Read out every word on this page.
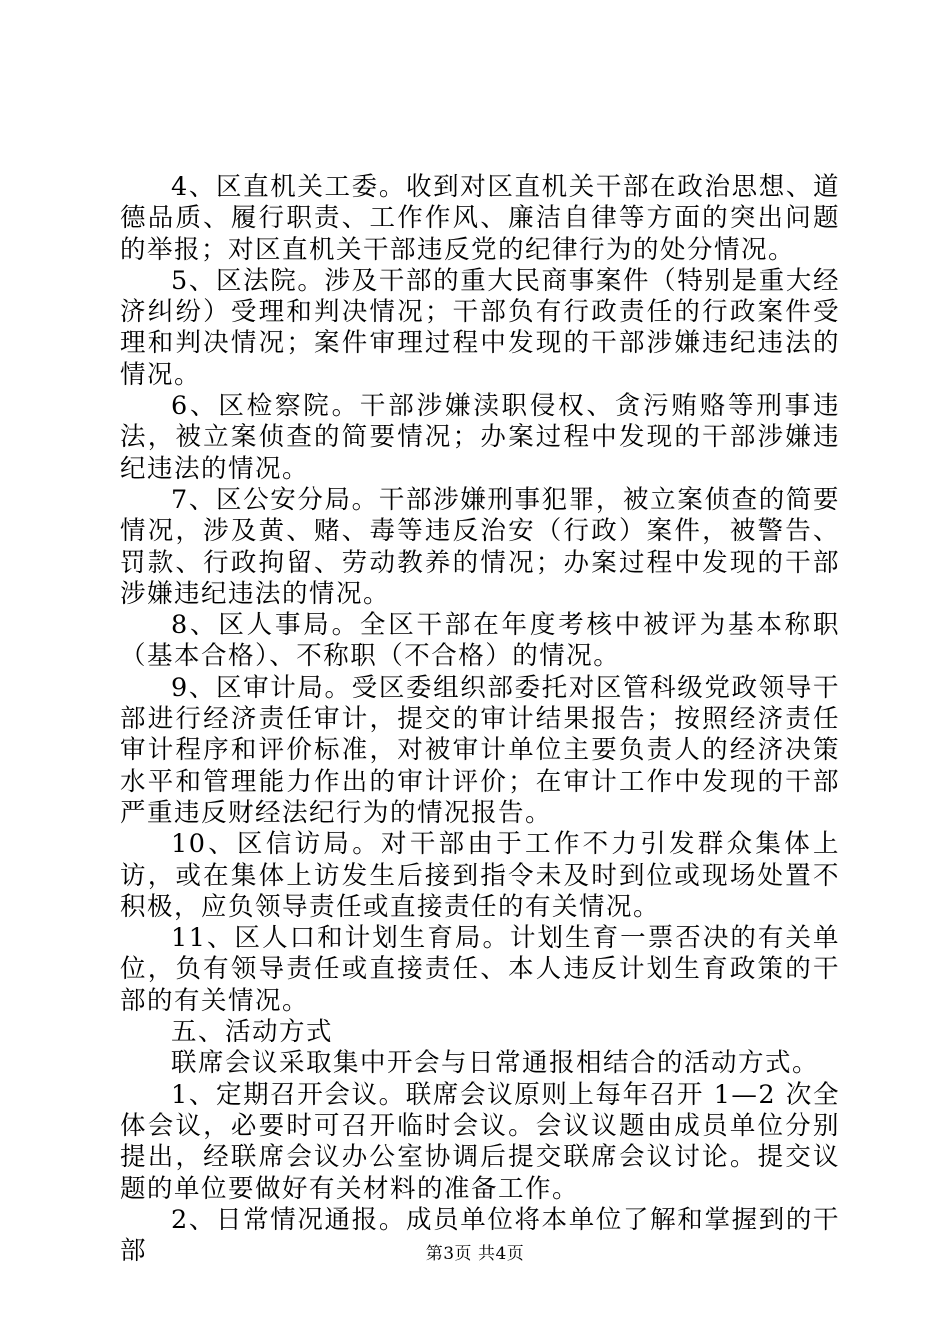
4、区直机关工委。收到对区直机关干部在政治思想、道德品质、履行职责、工作作风、廉洁自律等方面的突出问题的举报；对区直机关干部违反党的纪律行为的处分情况。

5、区法院。涉及干部的重大民商事案件（特别是重大经济纠纷）受理和判决情况；干部负有行政责任的行政案件受理和判决情况；案件审理过程中发现的干部涉嫌违纪违法的情况。

6、区检察院。干部涉嫌渎职侵权、贪污贿赂等刑事违法，被立案侦查的简要情况；办案过程中发现的干部涉嫌违纪违法的情况。

7、区公安分局。干部涉嫌刑事犯罪，被立案侦查的简要情况，涉及黄、赌、毒等违反治安（行政）案件，被警告、罚款、行政拘留、劳动教养的情况；办案过程中发现的干部涉嫌违纪违法的情况。

8、区人事局。全区干部在年度考核中被评为基本称职（基本合格）、不称职（不合格）的情况。

9、区审计局。受区委组织部委托对区管科级党政领导干部进行经济责任审计，提交的审计结果报告；按照经济责任审计程序和评价标准，对被审计单位主要负责人的经济决策水平和管理能力作出的审计评价；在审计工作中发现的干部严重违反财经法纪行为的情况报告。

10、区信访局。对干部由于工作不力引发群众集体上访，或在集体上访发生后接到指令未及时到位或现场处置不积极，应负领导责任或直接责任的有关情况。

11、区人口和计划生育局。计划生育一票否决的有关单位，负有领导责任或直接责任、本人违反计划生育政策的干部的有关情况。

五、活动方式

联席会议采取集中开会与日常通报相结合的活动方式。

1、定期召开会议。联席会议原则上每年召开 1—2 次全体会议，必要时可召开临时会议。会议议题由成员单位分别提出，经联席会议办公室协调后提交联席会议讨论。提交议题的单位要做好有关材料的准备工作。

2、日常情况通报。成员单位将本单位了解和掌握到的干部	第3页 共4页
